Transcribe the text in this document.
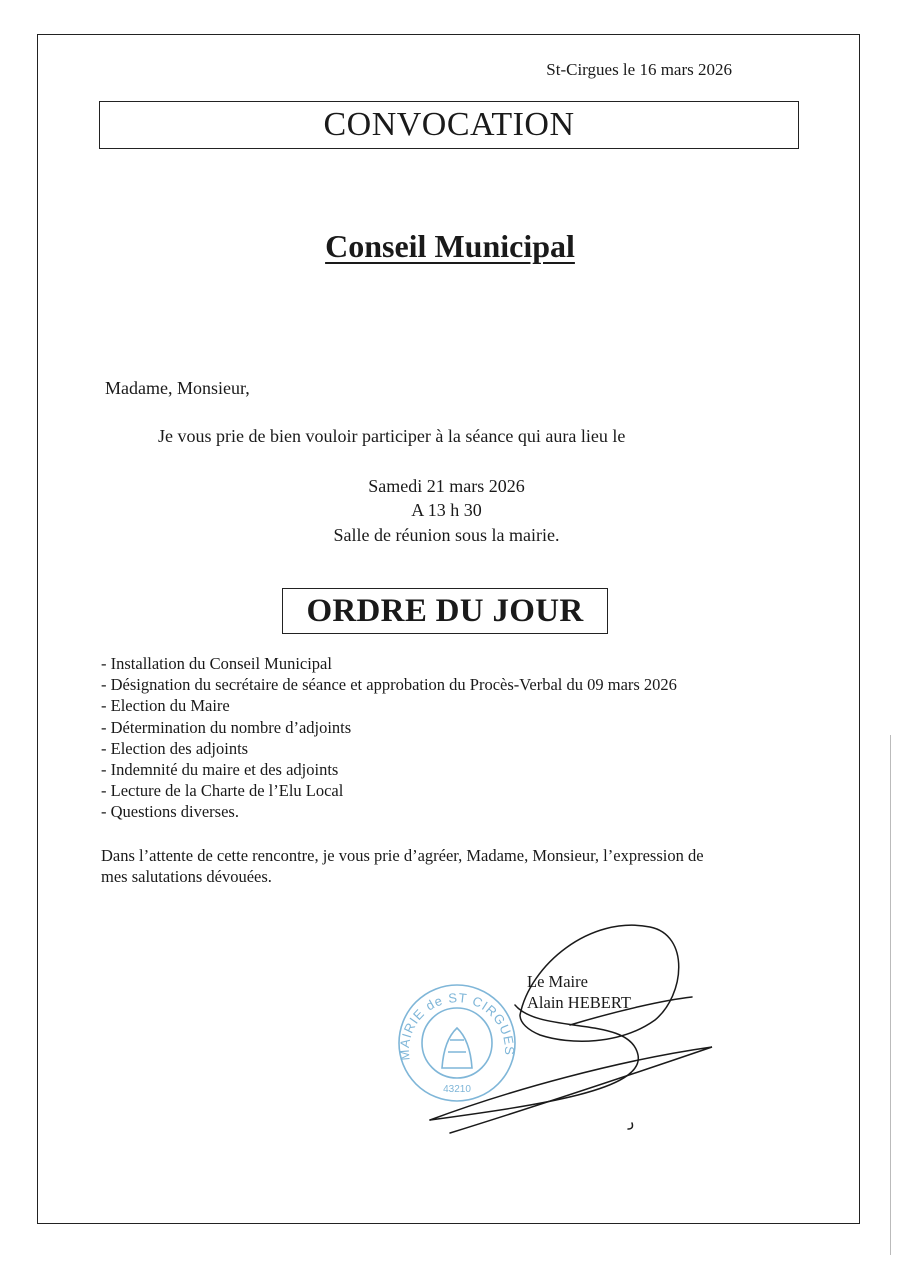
St-Cirgues le 16 mars 2026
CONVOCATION
Conseil Municipal
Madame, Monsieur,
Je vous prie de bien vouloir participer à la séance qui aura lieu le
Samedi 21 mars 2026
A 13 h 30
Salle de réunion sous la mairie.
ORDRE DU JOUR
- Installation du Conseil Municipal
- Désignation du secrétaire de séance et approbation du Procès-Verbal du 09 mars 2026
- Election du Maire
- Détermination du nombre d’adjoints
- Election des adjoints
- Indemnité du maire et des adjoints
- Lecture de la Charte de l’Elu Local
- Questions diverses.
Dans l’attente de cette rencontre, je vous prie d’agréer, Madame, Monsieur, l’expression de
mes salutations dévouées.
MAIRIE de ST CIRGUES
43210
Le Maire
Alain HEBERT
